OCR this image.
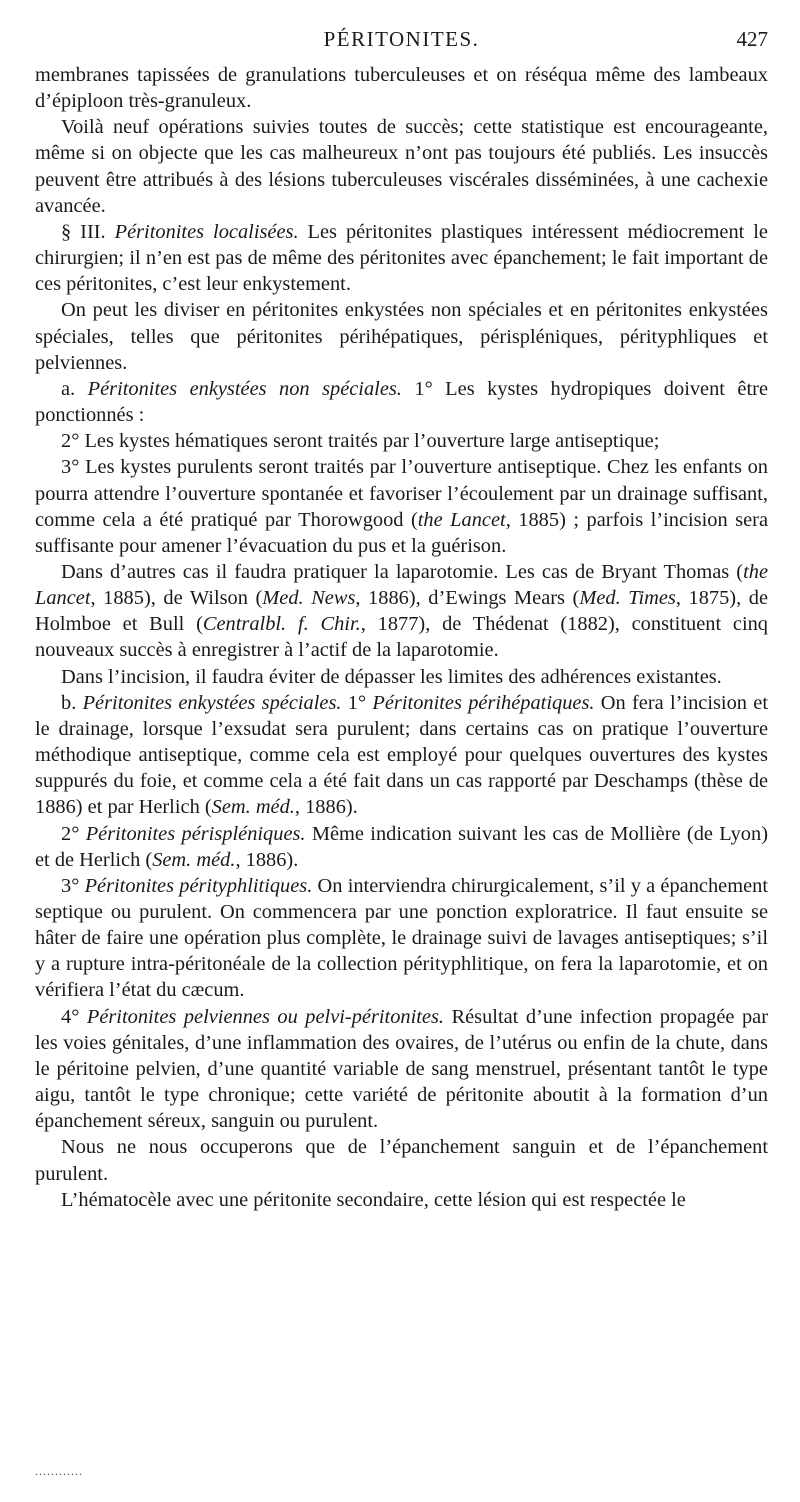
PÉRITONITES.	427

membranes tapissées de granulations tuberculeuses et on réséqua même des lambeaux d’épiploon très-granuleux.

Voilà neuf opérations suivies toutes de succès; cette statistique est encourageante, même si on objecte que les cas malheureux n’ont pas toujours été publiés. Les insuccès peuvent être attribués à des lésions tuberculeuses viscérales disséminées, à une cachexie avancée.

§ III. Péritonites localisées. Les péritonites plastiques intéressent médiocrement le chirurgien; il n’en est pas de même des péritonites avec épanchement; le fait important de ces péritonites, c’est leur enkystement.

On peut les diviser en péritonites enkystées non spéciales et en péritonites enkystées spéciales, telles que péritonites périhépatiques, périspléniques, pérityphliques et pelviennes.

a. Péritonites enkystées non spéciales. 1° Les kystes hydropiques doivent être ponctionnés :

2° Les kystes hématiques seront traités par l’ouverture large antiseptique;

3° Les kystes purulents seront traités par l’ouverture antiseptique. Chez les enfants on pourra attendre l’ouverture spontanée et favoriser l’écoulement par un drainage suffisant, comme cela a été pratiqué par Thorowgood (the Lancet, 1885) ; parfois l’incision sera suffisante pour amener l’évacuation du pus et la guérison.

Dans d’autres cas il faudra pratiquer la laparotomie. Les cas de Bryant Thomas (the Lancet, 1885), de Wilson (Med. News, 1886), d’Ewings Mears (Med. Times, 1875), de Holmboe et Bull (Centralbl. f. Chir., 1877), de Thédenat (1882), constituent cinq nouveaux succès à enregistrer à l’actif de la laparotomie.

Dans l’incision, il faudra éviter de dépasser les limites des adhérences existantes.

b. Péritonites enkystées spéciales. 1° Péritonites périhépatiques. On fera l’incision et le drainage, lorsque l’exsudat sera purulent; dans certains cas on pratique l’ouverture méthodique antiseptique, comme cela est employé pour quelques ouvertures des kystes suppurés du foie, et comme cela a été fait dans un cas rapporté par Deschamps (thèse de 1886) et par Herlich (Sem. méd., 1886).

2° Péritonites périspléniques. Même indication suivant les cas de Mollière (de Lyon) et de Herlich (Sem. méd., 1886).

3° Péritonites pérityphlitiques. On interviendra chirurgicalement, s’il y a épanchement septique ou purulent. On commencera par une ponction exploratrice. Il faut ensuite se hâter de faire une opération plus complète, le drainage suivi de lavages antiseptiques; s’il y a rupture intra-péritonéale de la collection pérityphlitique, on fera la laparotomie, et on vérifiera l’état du cæcum.

4° Péritonites pelviennes ou pelvi-péritonites. Résultat d’une infection propagée par les voies génitales, d’une inflammation des ovaires, de l’utérus ou enfin de la chute, dans le péritoine pelvien, d’une quantité variable de sang menstruel, présentant tantôt le type aigu, tantôt le type chronique; cette variété de péritonite aboutit à la formation d’un épanchement séreux, sanguin ou purulent.

Nous ne nous occuperons que de l’épanchement sanguin et de l’épanchement purulent.

L’hématocèle avec une péritonite secondaire, cette lésion qui est respectée le

............
